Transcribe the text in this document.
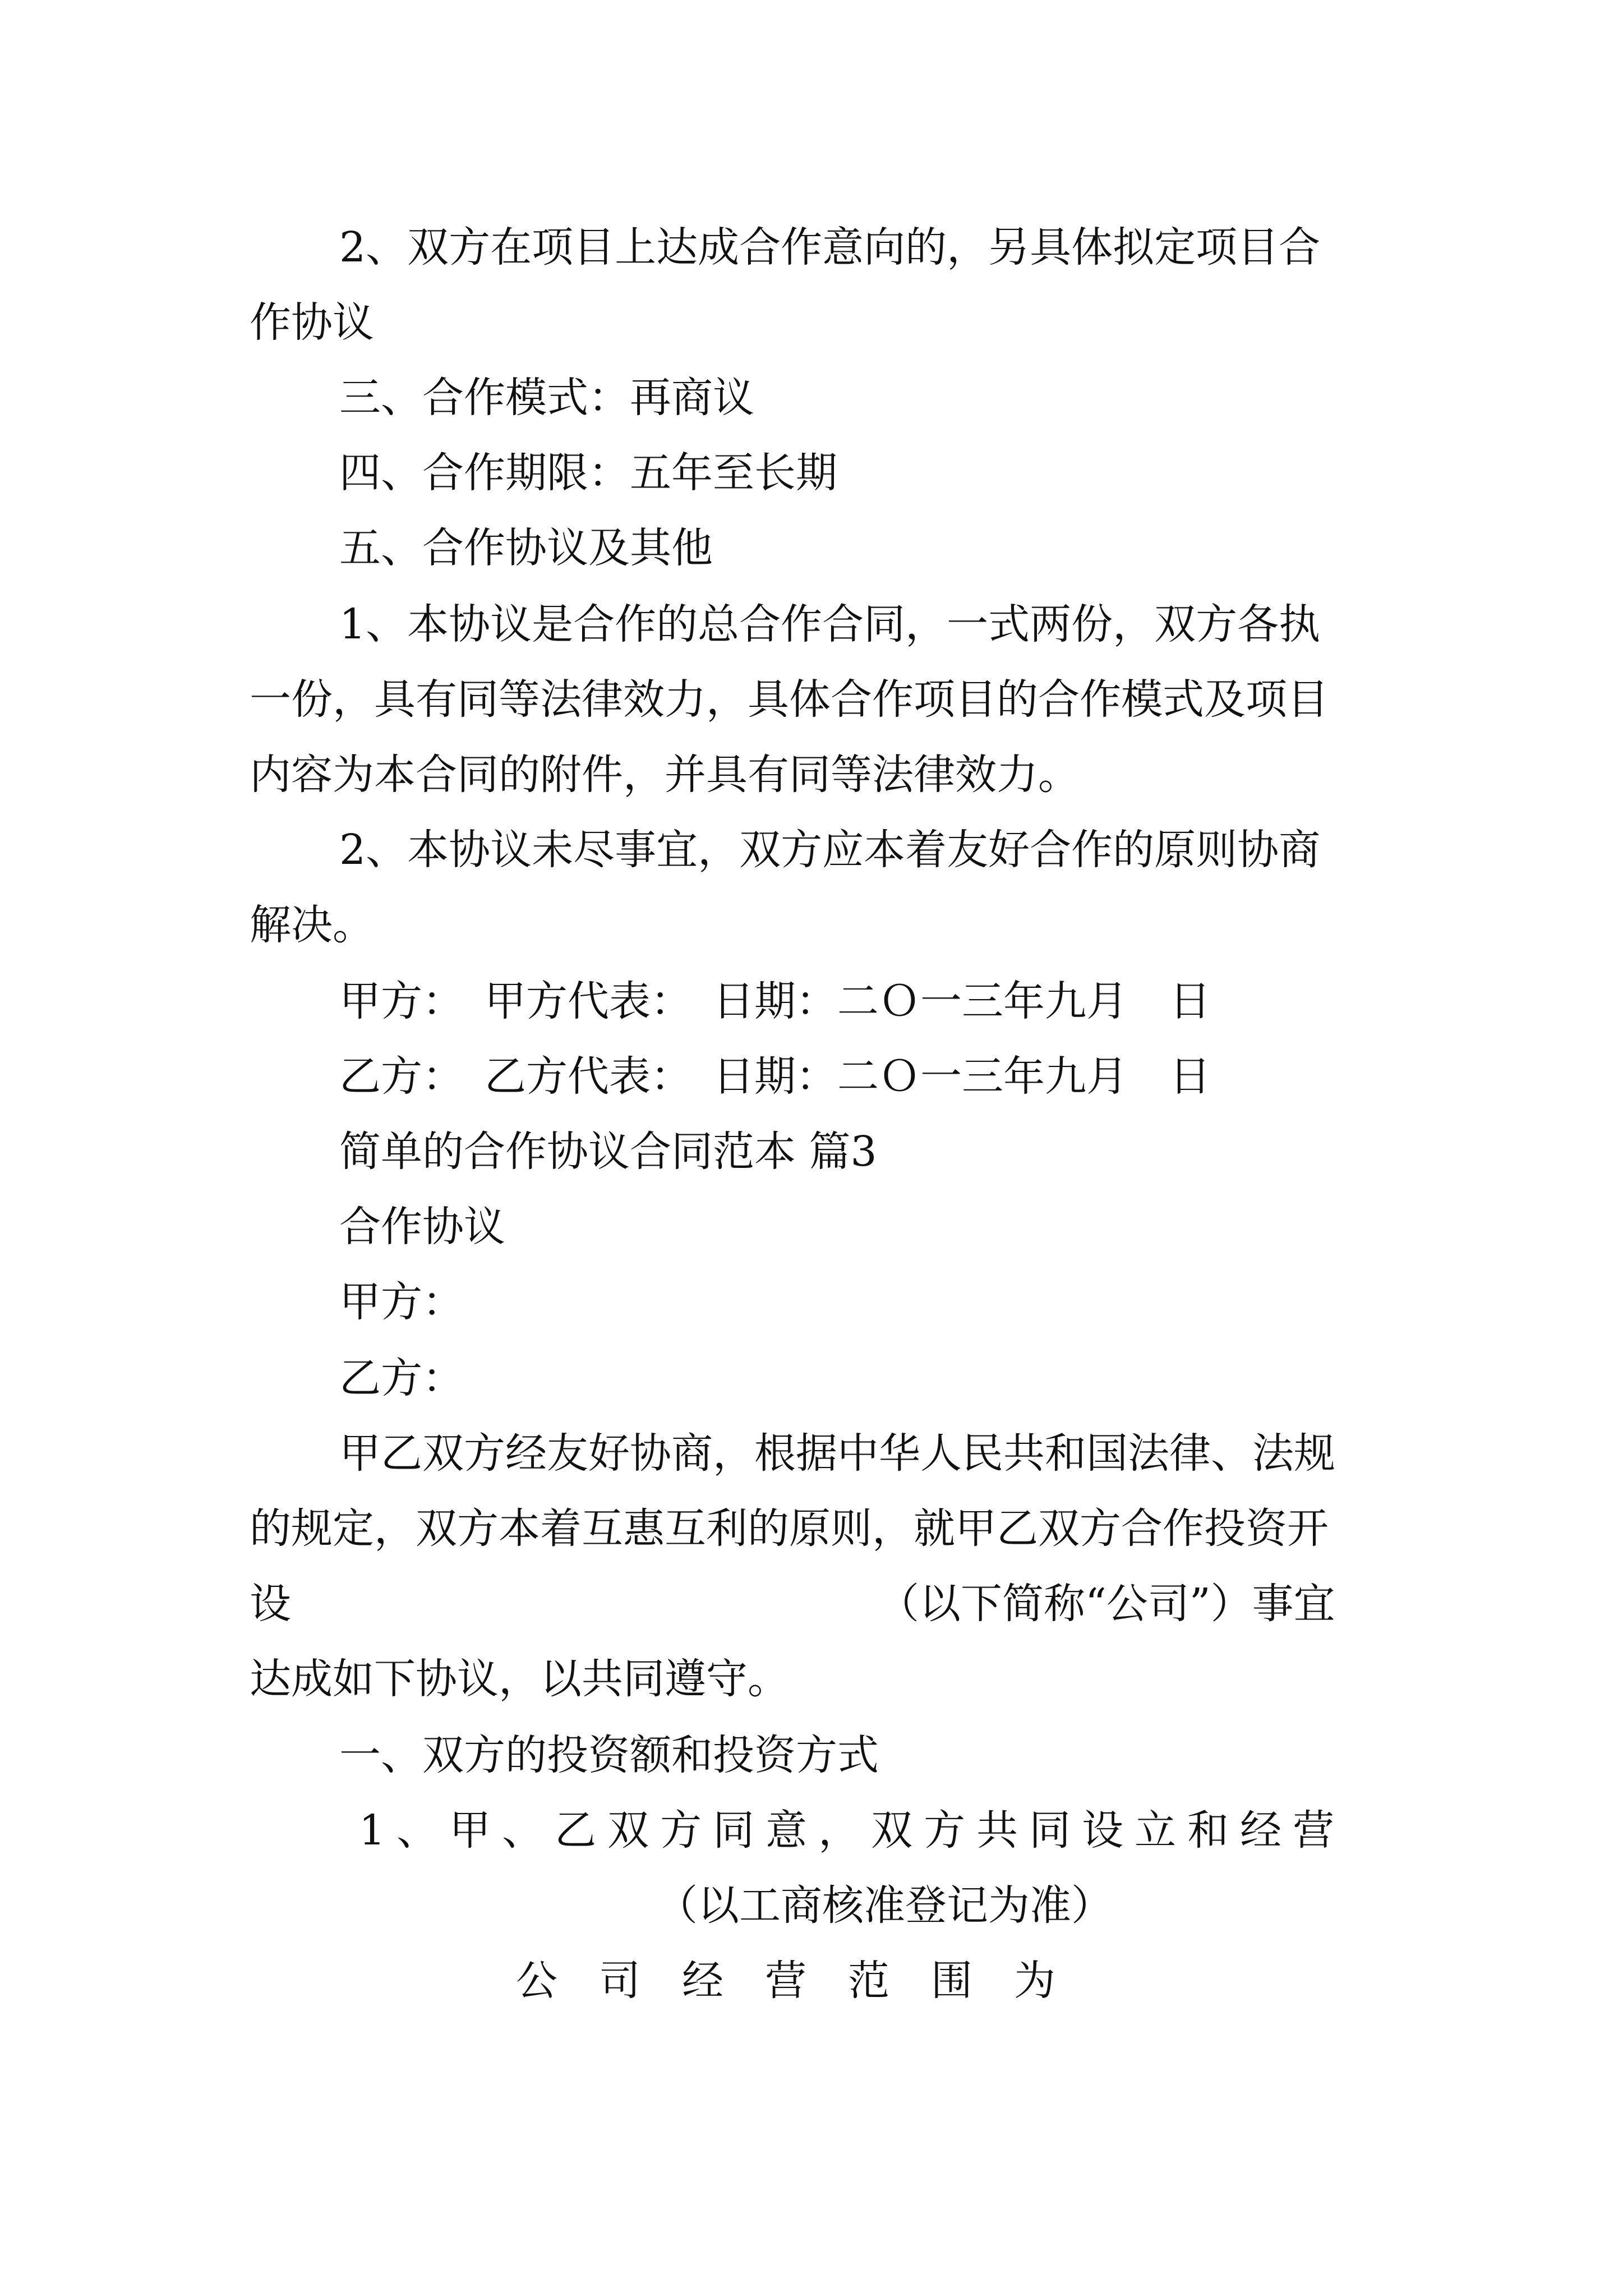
2、双方在项目上达成合作意向的，另具体拟定项目合

作协议

三、合作模式：再商议

四、合作期限：五年至长期

五、合作协议及其他

1、本协议是合作的总合作合同，一式两份，双方各执

一份，具有同等法律效力，具体合作项目的合作模式及项目

内容为本合同的附件，并具有同等法律效力。

2、本协议未尽事宜，双方应本着友好合作的原则协商

解决。

甲方：　甲方代表：　日期：二Ｏ一三年九月　日

乙方：　乙方代表：　日期：二Ｏ一三年九月　日

简单的合作协议合同范本 篇3

合作协议

甲方：

乙方：

甲乙双方经友好协商，根据中华人民共和国法律、法规

的规定，双方本着互惠互利的原则，就甲乙双方合作投资开

设	（以下简称“公司”）事宜

达成如下协议，以共同遵守。

一、双方的投资额和投资方式

1、甲、乙双方同意，双方共同设立和经营

（以工商核准登记为准）

公　司　经　营　范　围　为
